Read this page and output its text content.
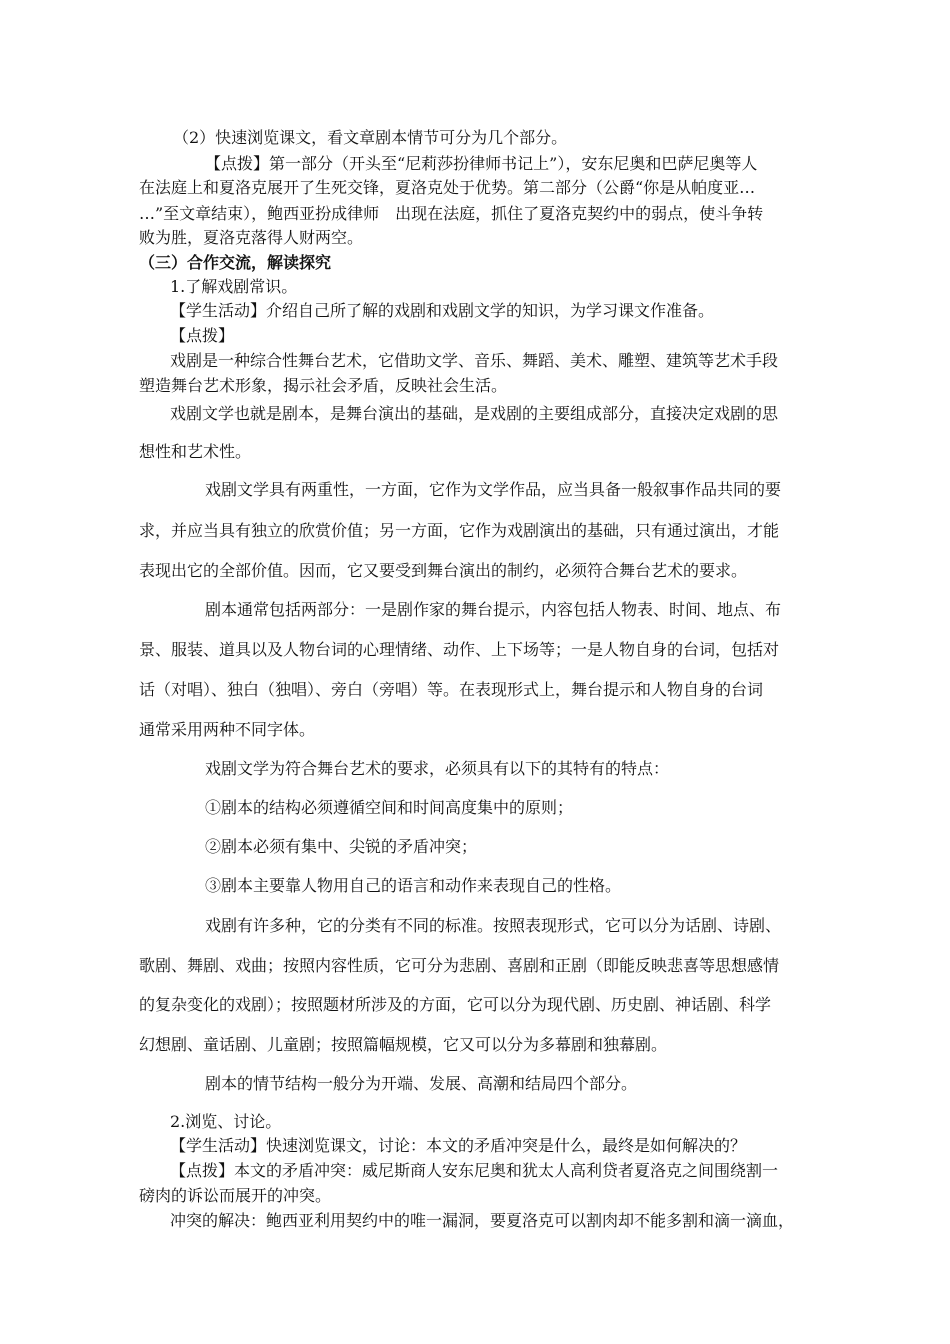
（2）快速浏览课文，看文章剧本情节可分为几个部分。
【点拨】第一部分（开头至“尼莉莎扮律师书记上”），安东尼奥和巴萨尼奥等人
在法庭上和夏洛克展开了生死交锋，夏洛克处于优势。第二部分（公爵“你是从帕度亚…
…”至文章结束），鲍西亚扮成律师　出现在法庭，抓住了夏洛克契约中的弱点，使斗争转
败为胜，夏洛克落得人财两空。
（三）合作交流，解读探究
1.了解戏剧常识。
【学生活动】介绍自己所了解的戏剧和戏剧文学的知识，为学习课文作准备。
【点拨】
戏剧是一种综合性舞台艺术，它借助文学、音乐、舞蹈、美术、雕塑、建筑等艺术手段
塑造舞台艺术形象，揭示社会矛盾，反映社会生活。
戏剧文学也就是剧本，是舞台演出的基础，是戏剧的主要组成部分，直接决定戏剧的思
想性和艺术性。
戏剧文学具有两重性，一方面，它作为文学作品，应当具备一般叙事作品共同的要
求，并应当具有独立的欣赏价值；另一方面，它作为戏剧演出的基础，只有通过演出，才能
表现出它的全部价值。因而，它又要受到舞台演出的制约，必须符合舞台艺术的要求。
剧本通常包括两部分：一是剧作家的舞台提示，内容包括人物表、时间、地点、布
景、服装、道具以及人物台词的心理情绪、动作、上下场等；一是人物自身的台词，包括对
话（对唱）、独白（独唱）、旁白（旁唱）等。在表现形式上，舞台提示和人物自身的台词
通常采用两种不同字体。
戏剧文学为符合舞台艺术的要求，必须具有以下的其特有的特点：
①剧本的结构必须遵循空间和时间高度集中的原则；
②剧本必须有集中、尖锐的矛盾冲突；
③剧本主要靠人物用自己的语言和动作来表现自己的性格。
戏剧有许多种，它的分类有不同的标准。按照表现形式，它可以分为话剧、诗剧、
歌剧、舞剧、戏曲；按照内容性质，它可分为悲剧、喜剧和正剧（即能反映悲喜等思想感情
的复杂变化的戏剧）；按照题材所涉及的方面，它可以分为现代剧、历史剧、神话剧、科学
幻想剧、童话剧、儿童剧；按照篇幅规模，它又可以分为多幕剧和独幕剧。
剧本的情节结构一般分为开端、发展、高潮和结局四个部分。
2.浏览、讨论。
【学生活动】快速浏览课文，讨论：本文的矛盾冲突是什么，最终是如何解决的？
【点拨】本文的矛盾冲突：威尼斯商人安东尼奥和犹太人高利贷者夏洛克之间围绕割一
磅肉的诉讼而展开的冲突。
冲突的解决：鲍西亚利用契约中的唯一漏洞，要夏洛克可以割肉却不能多割和滴一滴血，
